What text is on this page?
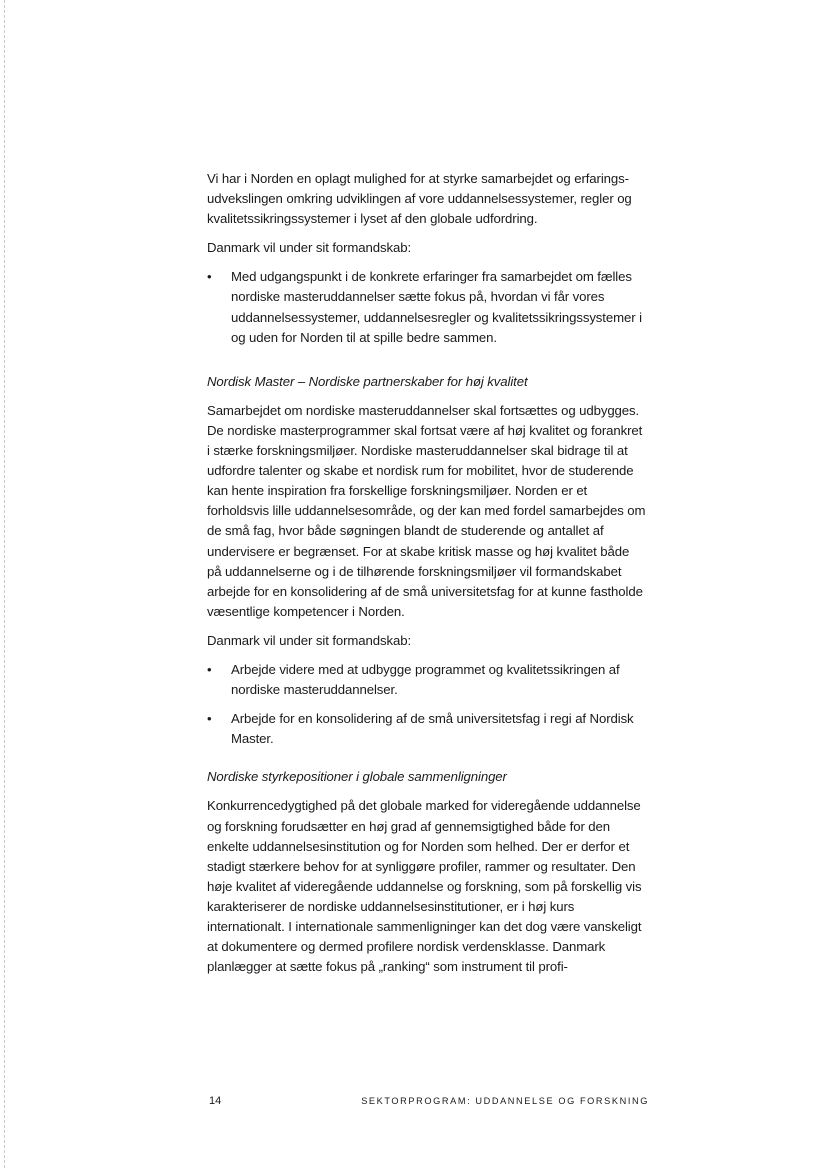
Vi har i Norden en oplagt mulighed for at styrke samarbejdet og erfarings-udvekslingen omkring udviklingen af vore uddannelsessystemer, regler og kvalitetssikringssystemer i lyset af den globale udfordring.

Danmark vil under sit formandskab:

•	Med udgangspunkt i de konkrete erfaringer fra samarbejdet om fælles nordiske masteruddannelser sætte fokus på, hvordan vi får vores uddannelsessystemer, uddannelsesregler og kvalitetssikringssystemer i og uden for Norden til at spille bedre sammen.

Nordisk Master – Nordiske partnerskaber for høj kvalitet

Samarbejdet om nordiske masteruddannelser skal fortsættes og udbygges. De nordiske masterprogrammer skal fortsat være af høj kvalitet og forankret i stærke forskningsmiljøer. Nordiske masteruddannelser skal bidrage til at udfordre talenter og skabe et nordisk rum for mobilitet, hvor de studerende kan hente inspiration fra forskellige forskningsmiljøer. Norden er et forholdsvis lille uddannelsesområde, og der kan med fordel samarbejdes om de små fag, hvor både søgningen blandt de studerende og antallet af undervisere er begrænset. For at skabe kritisk masse og høj kvalitet både på uddannelserne og i de tilhørende forskningsmiljøer vil formandskabet arbejde for en konsolidering af de små universitetsfag for at kunne fastholde væsentlige kompetencer i Norden.

Danmark vil under sit formandskab:

•	Arbejde videre med at udbygge programmet og kvalitetssikringen af nordiske masteruddannelser.
•	Arbejde for en konsolidering af de små universitetsfag i regi af Nordisk Master.

Nordiske styrkepositioner i globale sammenligninger

Konkurrencedygtighed på det globale marked for videregående uddannelse og forskning forudsætter en høj grad af gennemsigtighed både for den enkelte uddannelsesinstitution og for Norden som helhed. Der er derfor et stadigt stærkere behov for at synliggøre profiler, rammer og resultater. Den høje kvalitet af videregående uddannelse og forskning, som på forskellig vis karakteriserer de nordiske uddannelsesinstitutioner, er i høj kurs internationalt. I internationale sammenligninger kan det dog være vanskeligt at dokumentere og dermed profilere nordisk verdensklasse. Danmark planlægger at sætte fokus på „ranking“ som instrument til profi-

14	SEKTORPROGRAM: UDDANNELSE OG FORSKNING
